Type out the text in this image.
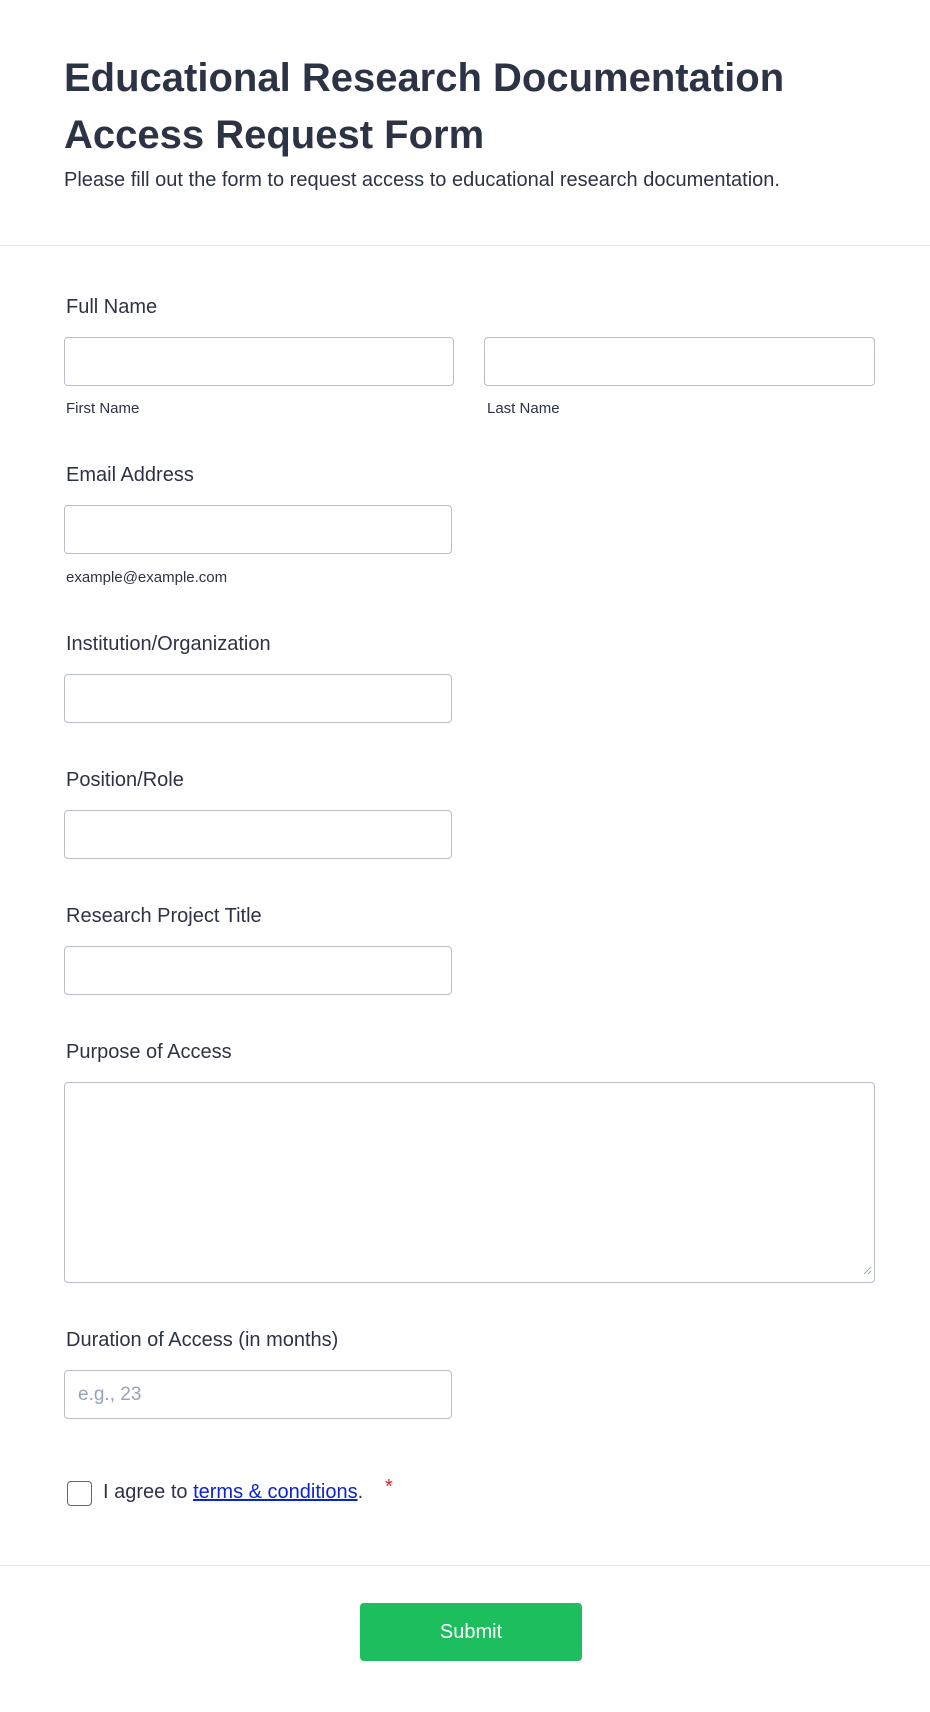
Educational Research Documentation Access Request Form

Please fill out the form to request access to educational research documentation.

Full Name
First Name	Last Name
Email Address
example@example.com
Institution/Organization
Position/Role
Research Project Title
Purpose of Access
Duration of Access (in months)
e.g., 23
I agree to terms & conditions. *
Submit
